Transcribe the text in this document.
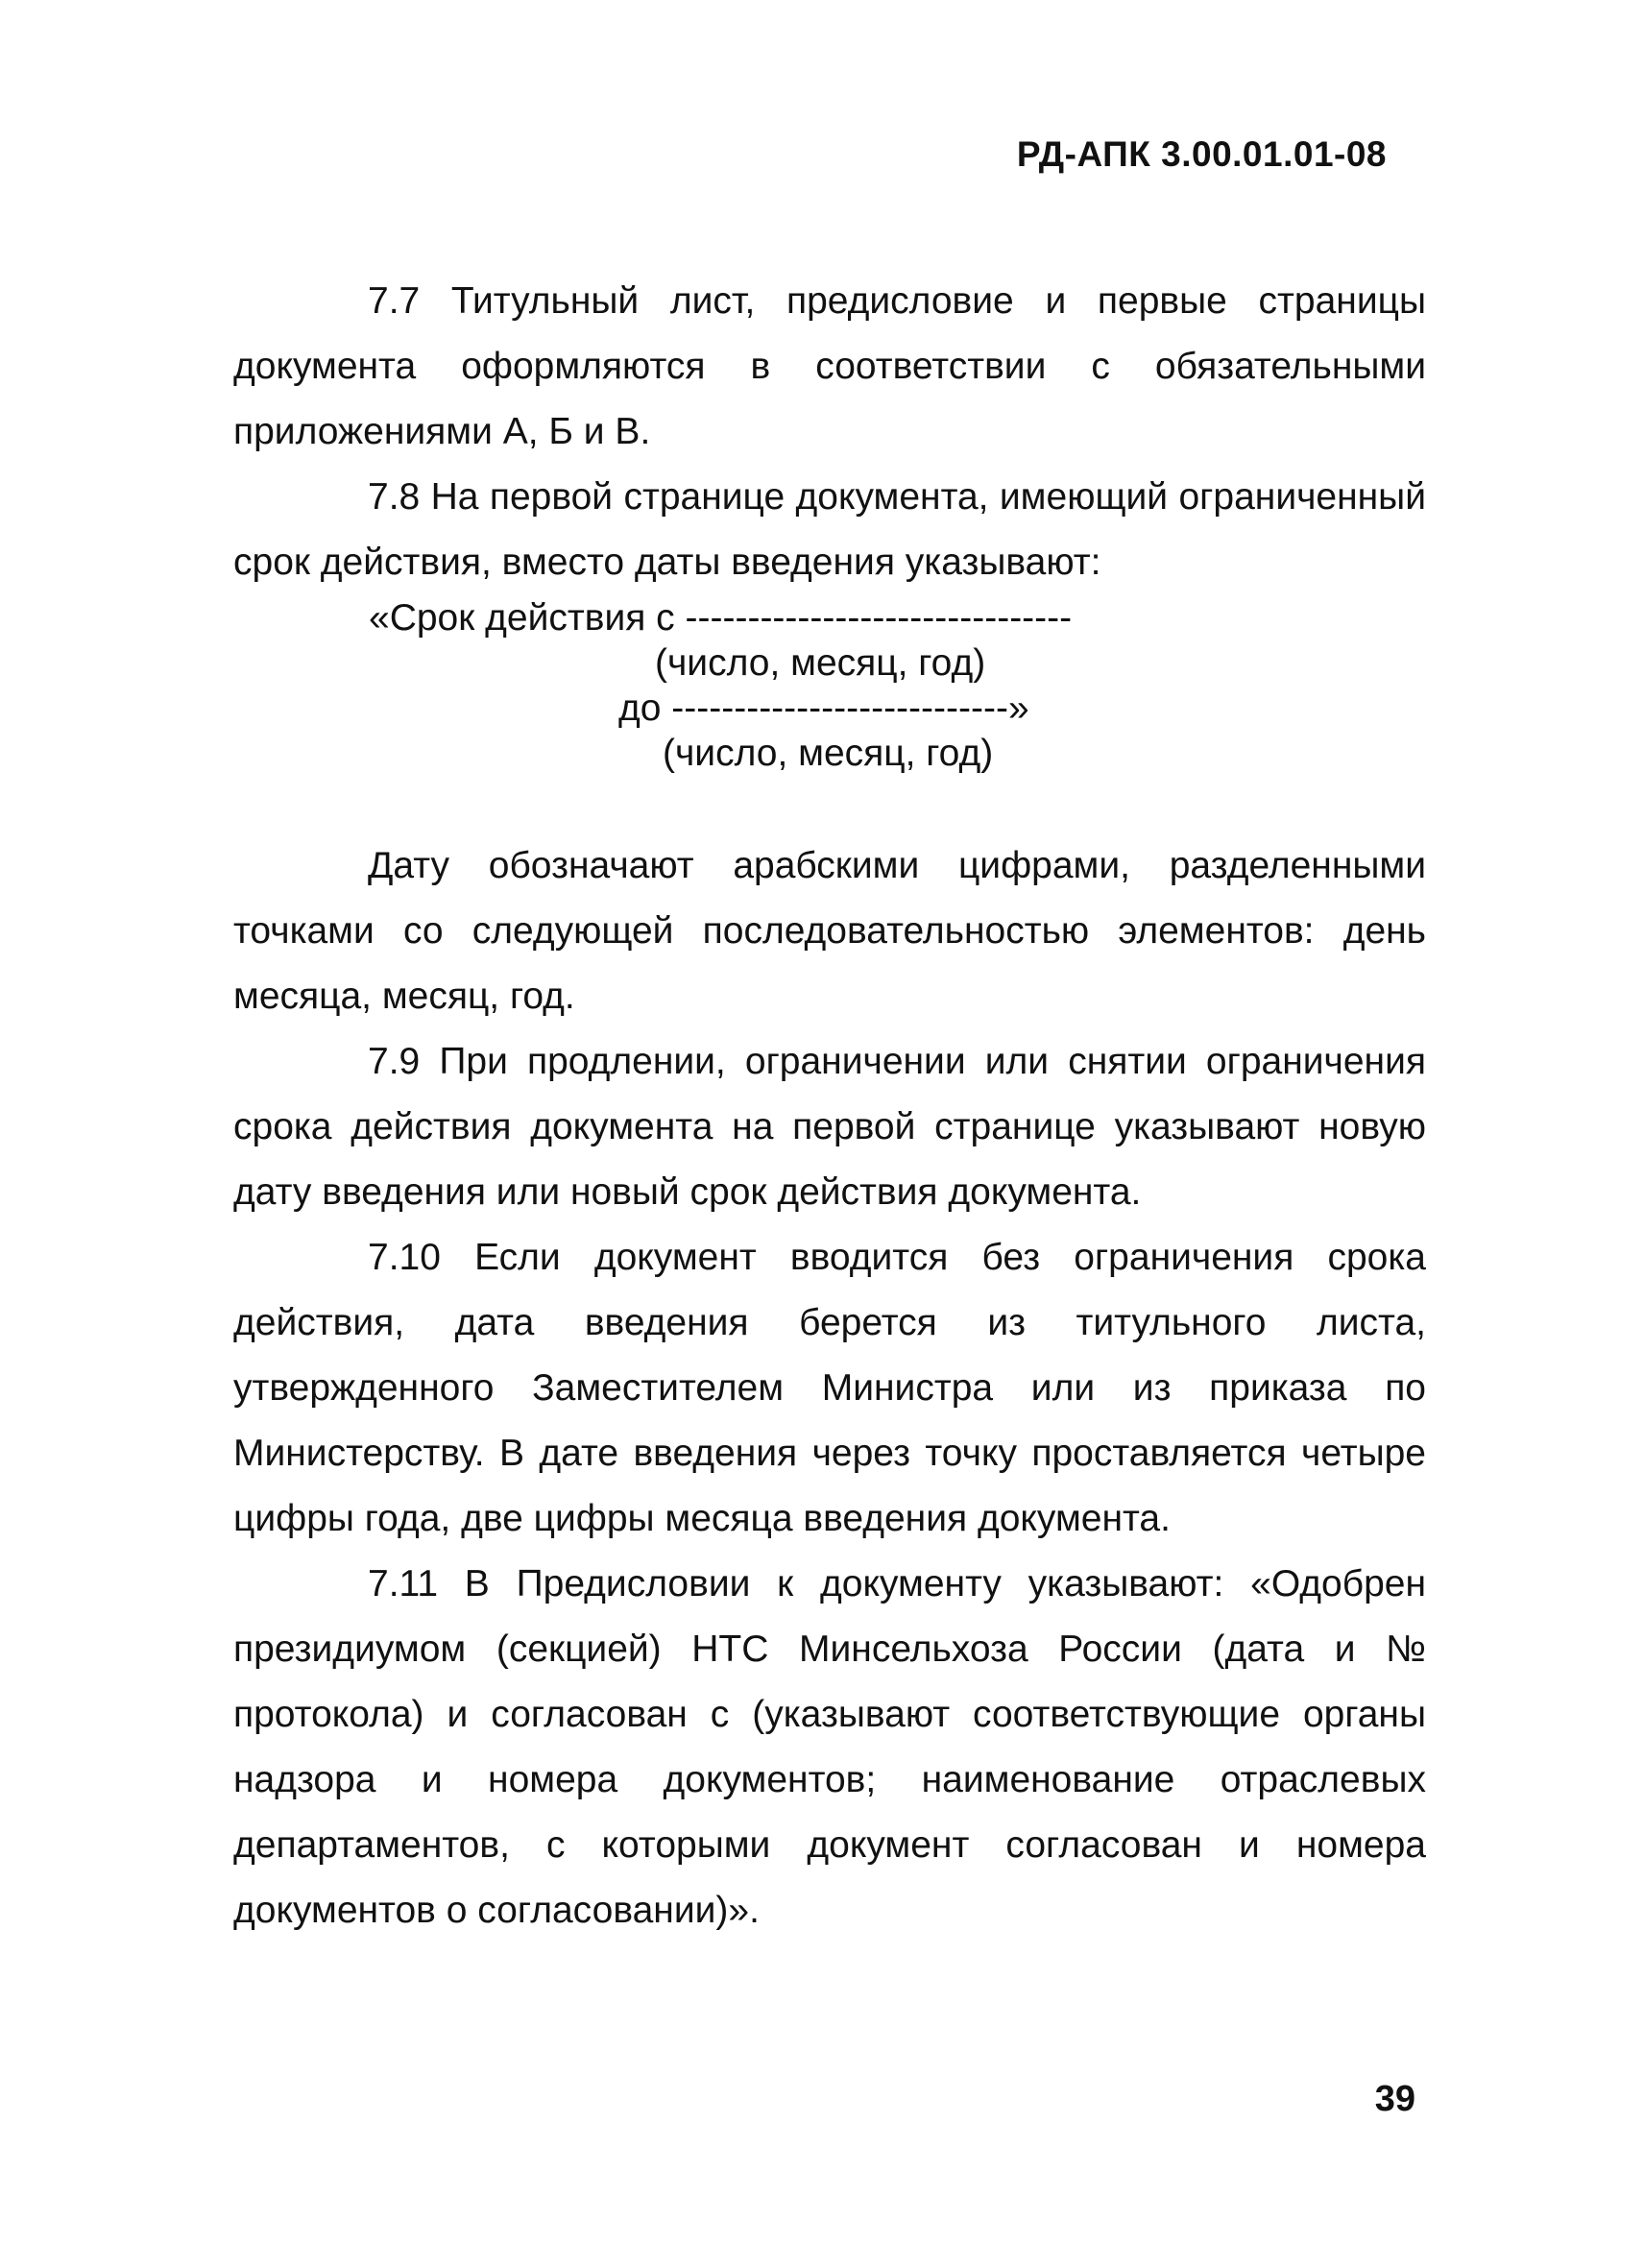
РД-АПК 3.00.01.01-08

7.7 Титульный лист, предисловие и первые страницы документа оформляются в соответствии с обязательными приложениями А, Б и В.

7.8 На первой странице документа, имеющий ограниченный срок действия, вместо даты введения указывают:

«Срок действия с -------------------------------
(число, месяц, год)
до ---------------------------»
(число, месяц, год)

Дату обозначают арабскими цифрами, разделенными точками со следующей последовательностью элементов: день месяца, месяц, год.

7.9 При продлении, ограничении или снятии ограничения срока действия документа на первой странице указывают новую дату введения или новый срок действия документа.

7.10 Если документ вводится без ограничения срока действия, дата введения берется из титульного листа, утвержденного Заместителем Министра или из приказа по Министерству. В дате введения через точку проставляется четыре цифры года, две цифры месяца введения документа.

7.11 В Предисловии к документу указывают: «Одобрен президиумом (секцией) НТС Минсельхоза России (дата и № протокола) и согласован с (указывают соответствующие органы надзора и номера документов; наименование отраслевых департаментов, с которыми документ согласован и номера документов о согласовании)».

39
